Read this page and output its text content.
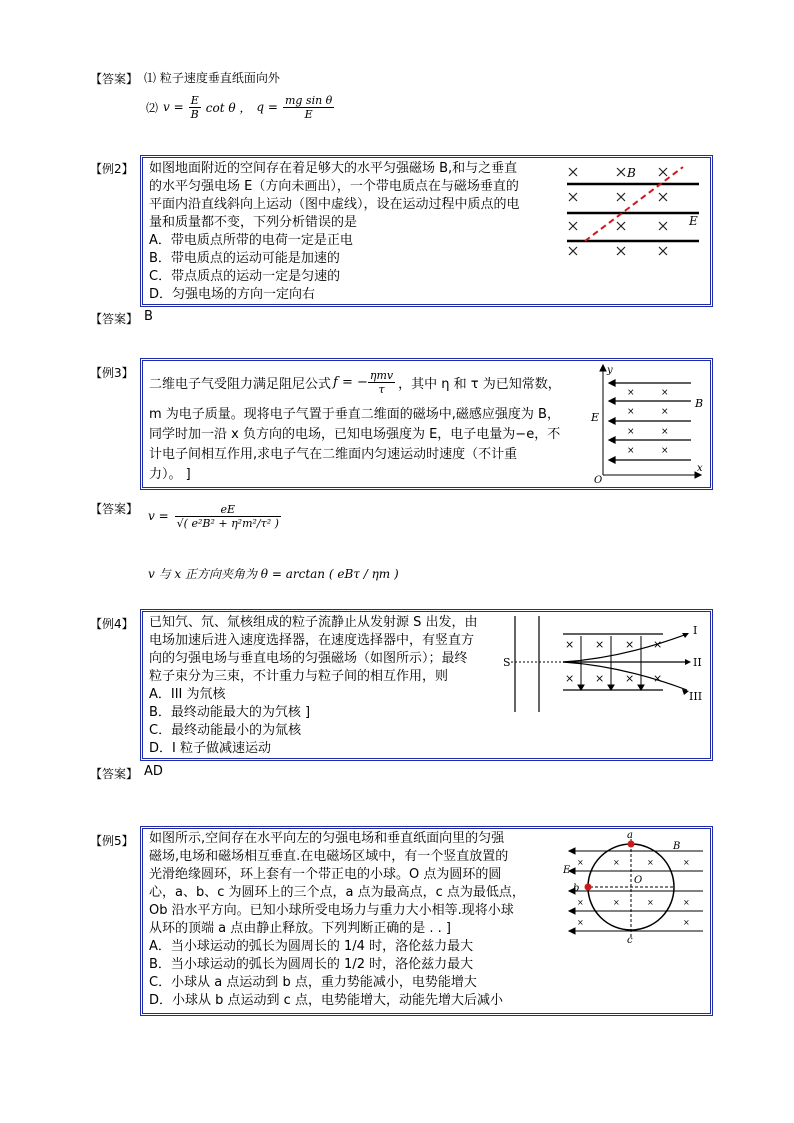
【答案】 ⑴ 粒子速度垂直纸面向外
⑵ $v = \frac{E}{B}$ cot θ ， $q = \frac{\text{mg sin θ}}{E}$
【例2】 如图地面附近的空间存在着足够大的水平匀强磁场 B,和与之垂直
的水平匀强电场 E（方向未画出），一个带电质点在与磁场垂直的
平面内沿直线斜向上运动（图中虚线），设在运动过程中质点的电
量和质量都不变，下列分析错误的是
A．带电质点所带的电荷一定是正电
B．带电质点的运动可能是加速的
C．带点质点的运动一定是匀速的
D．匀强电场的方向一定向右
B
E
【答案】 B
【例3】
二维电子气受阻力满足阻尼公式 f = − $\frac{\text{ηmv}}{\tau}$ ，其中 η 和 τ 为已知常数，
m 为电子质量。现将电子气置于垂直二维面的磁场中,磁感应强度为 B，
同学时加一沿 x 负方向的电场，已知电场强度为 E，电子电量为−e，不
计电子间相互作用,求电子气在二维面内匀速运动时速度（不计重
力）。 ]
×	×
×	×
×	×
×	×
y
x
O
E
B
【答案】 $v = \frac{eE}{\text{√( e²B² + η²m²/τ² )}}$
v 与 x 正方向夹角为 θ = arctan ( eBτ / ηm )
【例4】 已知氕、氘、氚核组成的粒子流静止从发射源 S 出发，由
电场加速后进入速度选择器，在速度选择器中，有竖直方
向的匀强电场与垂直电场的匀强磁场（如图所示）；最终
粒子束分为三束，不计重力与粒子间的相互作用，则
A．III 为氘核
B．最终动能最大的为氕核 ]
C．最终动能最小的为氚核
D．I 粒子做减速运动
× × × ×
× × × ×
S
I
II
III
【答案】 AD
【例5】 如图所示,空间存在水平向左的匀强电场和垂直纸面向里的匀强
磁场,电场和磁场相互垂直.在电磁场区域中，有一个竖直放置的
光滑绝缘圆环，环上套有一个带正电的小球。O 点为圆环的圆
心，a、b、c 为圆环上的三个点，a 点为最高点，c 点为最低点，
Ob 沿水平方向。已知小球所受电场力与重力大小相等.现将小球
从环的顶端 a 点由静止释放。下列判断正确的是 . . ]
A．当小球运动的弧长为圆周长的 1/4 时，洛伦兹力最大
B．当小球运动的弧长为圆周长的 1/2 时，洛伦兹力最大
C．小球从 a 点运动到 b 点，重力势能减小，电势能增大
D．小球从 b 点运动到 c 点，电势能增大，动能先增大后减小
×	×	×	×
×	×	×	×
×	×
a
b
c
O
E
B
